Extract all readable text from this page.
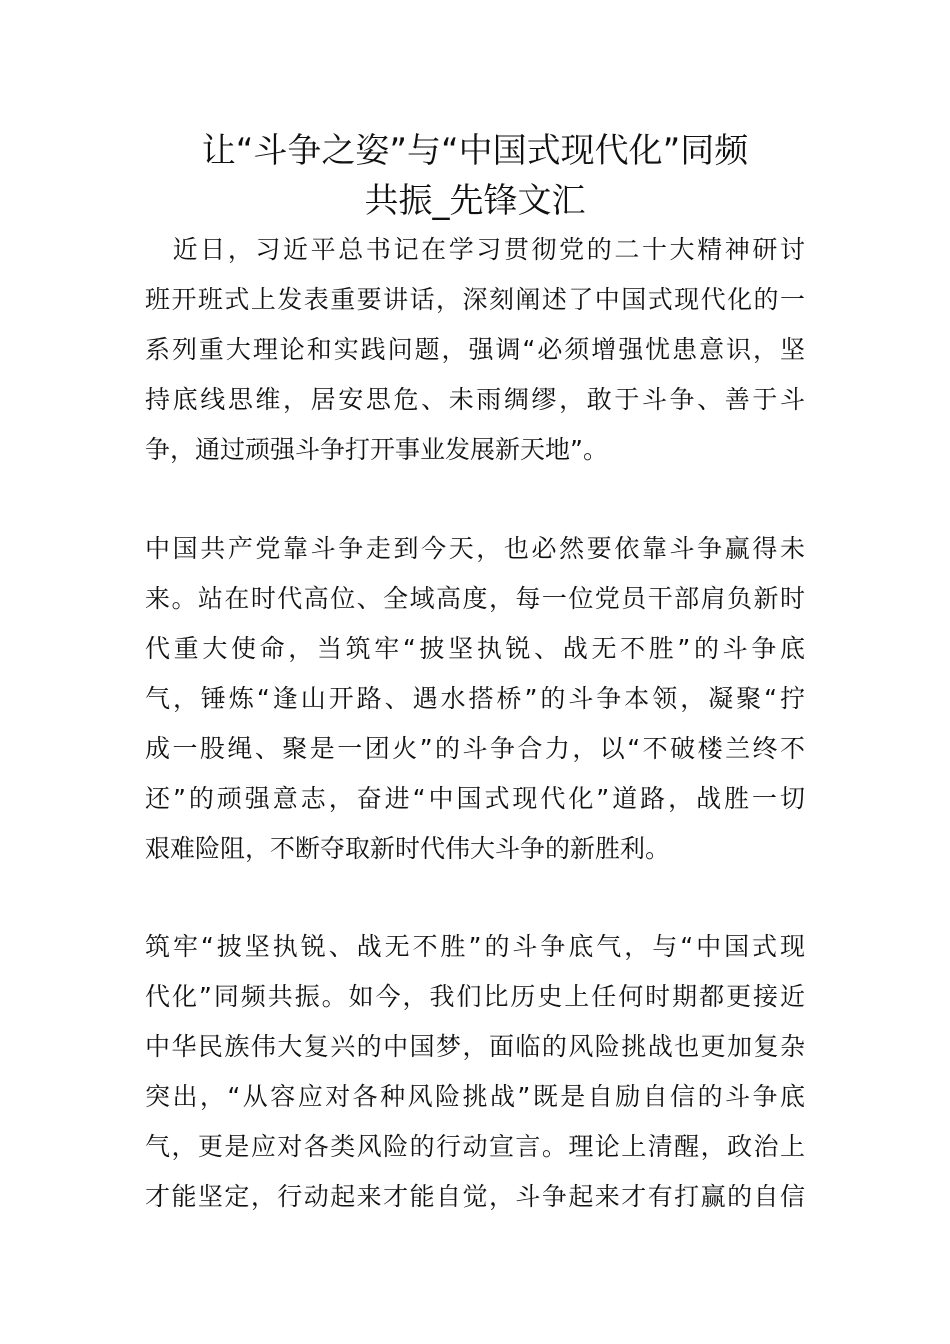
让“斗争之姿”与“中国式现代化”同频
共振_先锋文汇
　近日，习近平总书记在学习贯彻党的二十大精神研讨
班开班式上发表重要讲话，深刻阐述了中国式现代化的一
系列重大理论和实践问题，强调“必须增强忧患意识，坚
持底线思维，居安思危、未雨绸缪，敢于斗争、善于斗
争，通过顽强斗争打开事业发展新天地”。
中国共产党靠斗争走到今天，也必然要依靠斗争赢得未
来。站在时代高位、全域高度，每一位党员干部肩负新时
代重大使命，当筑牢“披坚执锐、战无不胜”的斗争底
气，锤炼“逢山开路、遇水搭桥”的斗争本领，凝聚“拧
成一股绳、聚是一团火”的斗争合力，以“不破楼兰终不
还”的顽强意志，奋进“中国式现代化”道路，战胜一切
艰难险阻，不断夺取新时代伟大斗争的新胜利。
筑牢“披坚执锐、战无不胜”的斗争底气，与“中国式现
代化”同频共振。如今，我们比历史上任何时期都更接近
中华民族伟大复兴的中国梦，面临的风险挑战也更加复杂
突出，“从容应对各种风险挑战”既是自励自信的斗争底
气，更是应对各类风险的行动宣言。理论上清醒，政治上
才能坚定，行动起来才能自觉，斗争起来才有打赢的自信
